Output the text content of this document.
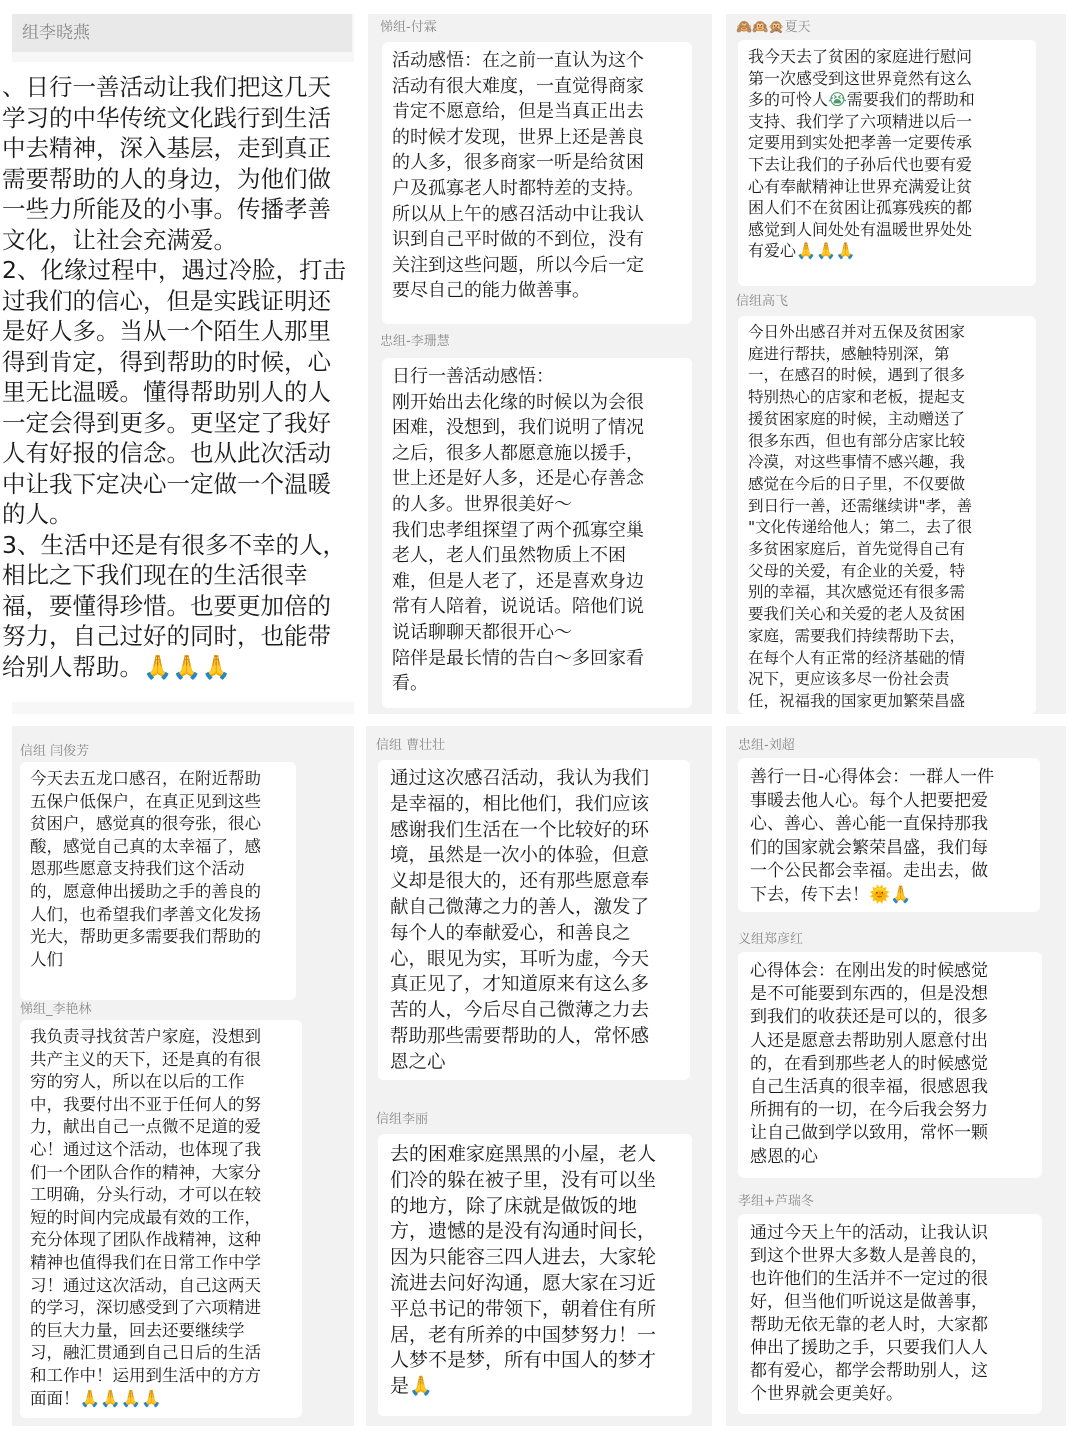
组李晓燕

、日行一善活动让我们把这几天
学习的中华传统文化践行到生活
中去精神，深入基层，走到真正
需要帮助的人的身边，为他们做
一些力所能及的小事。传播孝善
文化，让社会充满爱。
2、化缘过程中，遇过冷脸，打击
过我们的信心，但是实践证明还
是好人多。当从一个陌生人那里
得到肯定，得到帮助的时候，心
里无比温暖。懂得帮助别人的人
一定会得到更多。更坚定了我好
人有好报的信念。也从此次活动
中让我下定决心一定做一个温暖
的人。
3、生活中还是有很多不幸的人，
相比之下我们现在的生活很幸
福，要懂得珍惜。也要更加倍的
努力，自己过好的同时，也能带
给别人帮助。🙏🙏🙏

悌组-付霖

活动感悟：在之前一直认为这个
活动有很大难度，一直觉得商家
肯定不愿意给，但是当真正出去
的时候才发现，世界上还是善良
的人多，很多商家一听是给贫困
户及孤寡老人时都特差的支持。
所以从上午的感召活动中让我认
识到自己平时做的不到位，没有
关注到这些问题，所以今后一定
要尽自己的能力做善事。

忠组-李珊慧

日行一善活动感悟：
刚开始出去化缘的时候以为会很
困难，没想到，我们说明了情况
之后，很多人都愿意施以援手，
世上还是好人多，还是心存善念
的人多。世界很美好～
我们忠孝组探望了两个孤寡空巢
老人，老人们虽然物质上不困
难，但是人老了，还是喜欢身边
常有人陪着，说说话。陪他们说
说话聊聊天都很开心～
陪伴是最长情的告白～多回家看
看。

🙈🙉🙊夏天

我今天去了贫困的家庭进行慰问
第一次感受到这世界竟然有这么
多的可怜人😭需要我们的帮助和
支持、我们学了六项精进以后一
定要用到实处把孝善一定要传承
下去让我们的子孙后代也要有爱
心有奉献精神让世界充满爱让贫
困人们不在贫困让孤寡残疾的都
感觉到人间处处有温暖世界处处
有爱心🙏🙏🙏

信组高飞

今日外出感召并对五保及贫困家
庭进行帮扶，感触特别深，第
一，在感召的时候，遇到了很多
特别热心的店家和老板，提起支
援贫困家庭的时候，主动赠送了
很多东西，但也有部分店家比较
冷漠，对这些事情不感兴趣，我
感觉在今后的日子里，不仅要做
到日行一善，还需继续讲"孝，善
"文化传递给他人；第二，去了很
多贫困家庭后，首先觉得自己有
父母的关爱，有企业的关爱，特
别的幸福，其次感觉还有很多需
要我们关心和关爱的老人及贫困
家庭，需要我们持续帮助下去，
在每个人有正常的经济基础的情
况下，更应该多尽一份社会责
任，祝福我的国家更加繁荣昌盛

信组 闫俊芳

今天去五龙口感召，在附近帮助
五保户低保户，在真正见到这些
贫困户，感觉真的很夸张，很心
酸，感觉自己真的太幸福了，感
恩那些愿意支持我们这个活动
的，愿意伸出援助之手的善良的
人们，也希望我们孝善文化发扬
光大，帮助更多需要我们帮助的
人们

悌组_李艳林

我负责寻找贫苦户家庭，没想到
共产主义的天下，还是真的有很
穷的穷人，所以在以后的工作
中，我要付出不亚于任何人的努
力，献出自己一点微不足道的爱
心！通过这个活动，也体现了我
们一个团队合作的精神，大家分
工明确，分头行动，才可以在较
短的时间内完成最有效的工作，
充分体现了团队作战精神，这种
精神也值得我们在日常工作中学
习！通过这次活动，自己这两天
的学习，深切感受到了六项精进
的巨大力量，回去还要继续学
习，融汇贯通到自己日后的生活
和工作中！运用到生活中的方方
面面！🙏🙏🙏🙏

信组 曹壮壮

通过这次感召活动，我认为我们
是幸福的，相比他们，我们应该
感谢我们生活在一个比较好的环
境，虽然是一次小的体验，但意
义却是很大的，还有那些愿意奉
献自己微薄之力的善人，激发了
每个人的奉献爱心，和善良之
心，眼见为实，耳听为虚，今天
真正见了，才知道原来有这么多
苦的人，今后尽自己微薄之力去
帮助那些需要帮助的人，常怀感
恩之心

信组李丽

去的困难家庭黑黑的小屋，老人
们冷的躲在被子里，没有可以坐
的地方，除了床就是做饭的地
方，遗憾的是没有沟通时间长，
因为只能容三四人进去，大家轮
流进去问好沟通，愿大家在习近
平总书记的带领下，朝着住有所
居，老有所养的中国梦努力！一
人梦不是梦，所有中国人的梦才
是🙏

忠组-刘超

善行一日-心得体会：一群人一件
事暖去他人心。每个人把要把爱
心、善心、善心能一直保持那我
们的国家就会繁荣昌盛，我们每
一个公民都会幸福。走出去，做
下去，传下去！🌞🙏

义组郑彦红

心得体会：在刚出发的时候感觉
是不可能要到东西的，但是没想
到我们的收获还是可以的，很多
人还是愿意去帮助别人愿意付出
的，在看到那些老人的时候感觉
自己生活真的很幸福，很感恩我
所拥有的一切，在今后我会努力
让自己做到学以致用，常怀一颗
感恩的心

孝组+芦瑞冬

通过今天上午的活动，让我认识
到这个世界大多数人是善良的，
也许他们的生活并不一定过的很
好，但当他们听说这是做善事，
帮助无依无靠的老人时，大家都
伸出了援助之手，只要我们人人
都有爱心，都学会帮助别人，这
个世界就会更美好。
